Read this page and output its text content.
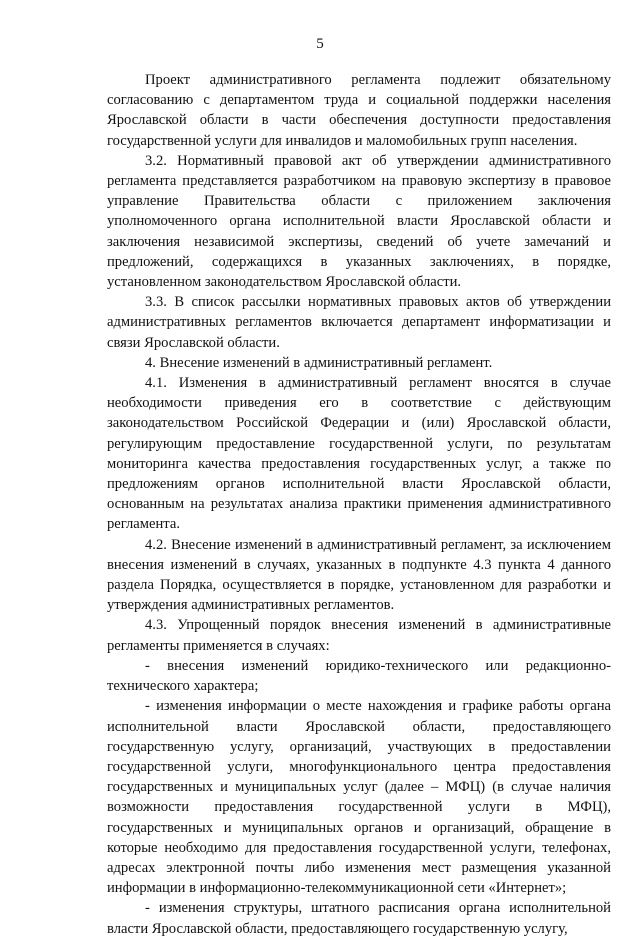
5

Проект административного регламента подлежит обязательному согласованию с департаментом труда и социальной поддержки населения Ярославской области в части обеспечения доступности предоставления государственной услуги для инвалидов и маломобильных групп населения.

3.2. Нормативный правовой акт об утверждении административного регламента представляется разработчиком на правовую экспертизу в правовое управление Правительства области с приложением заключения уполномоченного органа исполнительной власти Ярославской области и заключения независимой экспертизы, сведений об учете замечаний и предложений, содержащихся в указанных заключениях, в порядке, установленном законодательством Ярославской области.

3.3. В список рассылки нормативных правовых актов об утверждении административных регламентов включается департамент информатизации и связи Ярославской области.

4. Внесение изменений в административный регламент.

4.1. Изменения в административный регламент вносятся в случае необходимости приведения его в соответствие с действующим законодательством Российской Федерации и (или) Ярославской области, регулирующим предоставление государственной услуги, по результатам мониторинга качества предоставления государственных услуг, а также по предложениям органов исполнительной власти Ярославской области, основанным на результатах анализа практики применения административного регламента.

4.2. Внесение изменений в административный регламент, за исключением внесения изменений в случаях, указанных в подпункте 4.3 пункта 4 данного раздела Порядка, осуществляется в порядке, установленном для разработки и утверждения административных регламентов.

4.3. Упрощенный порядок внесения изменений в административные регламенты применяется в случаях:

- внесения изменений юридико-технического или редакционно-технического характера;

- изменения информации о месте нахождения и графике работы органа исполнительной власти Ярославской области, предоставляющего государственную услугу, организаций, участвующих в предоставлении государственной услуги, многофункционального центра предоставления государственных и муниципальных услуг (далее – МФЦ) (в случае наличия возможности предоставления государственной услуги в МФЦ), государственных и муниципальных органов и организаций, обращение в которые необходимо для предоставления государственной услуги, телефонах, адресах электронной почты либо изменения мест размещения указанной информации в информационно-телекоммуникационной сети «Интернет»;

- изменения структуры, штатного расписания органа исполнительной власти Ярославской области, предоставляющего государственную услугу,
